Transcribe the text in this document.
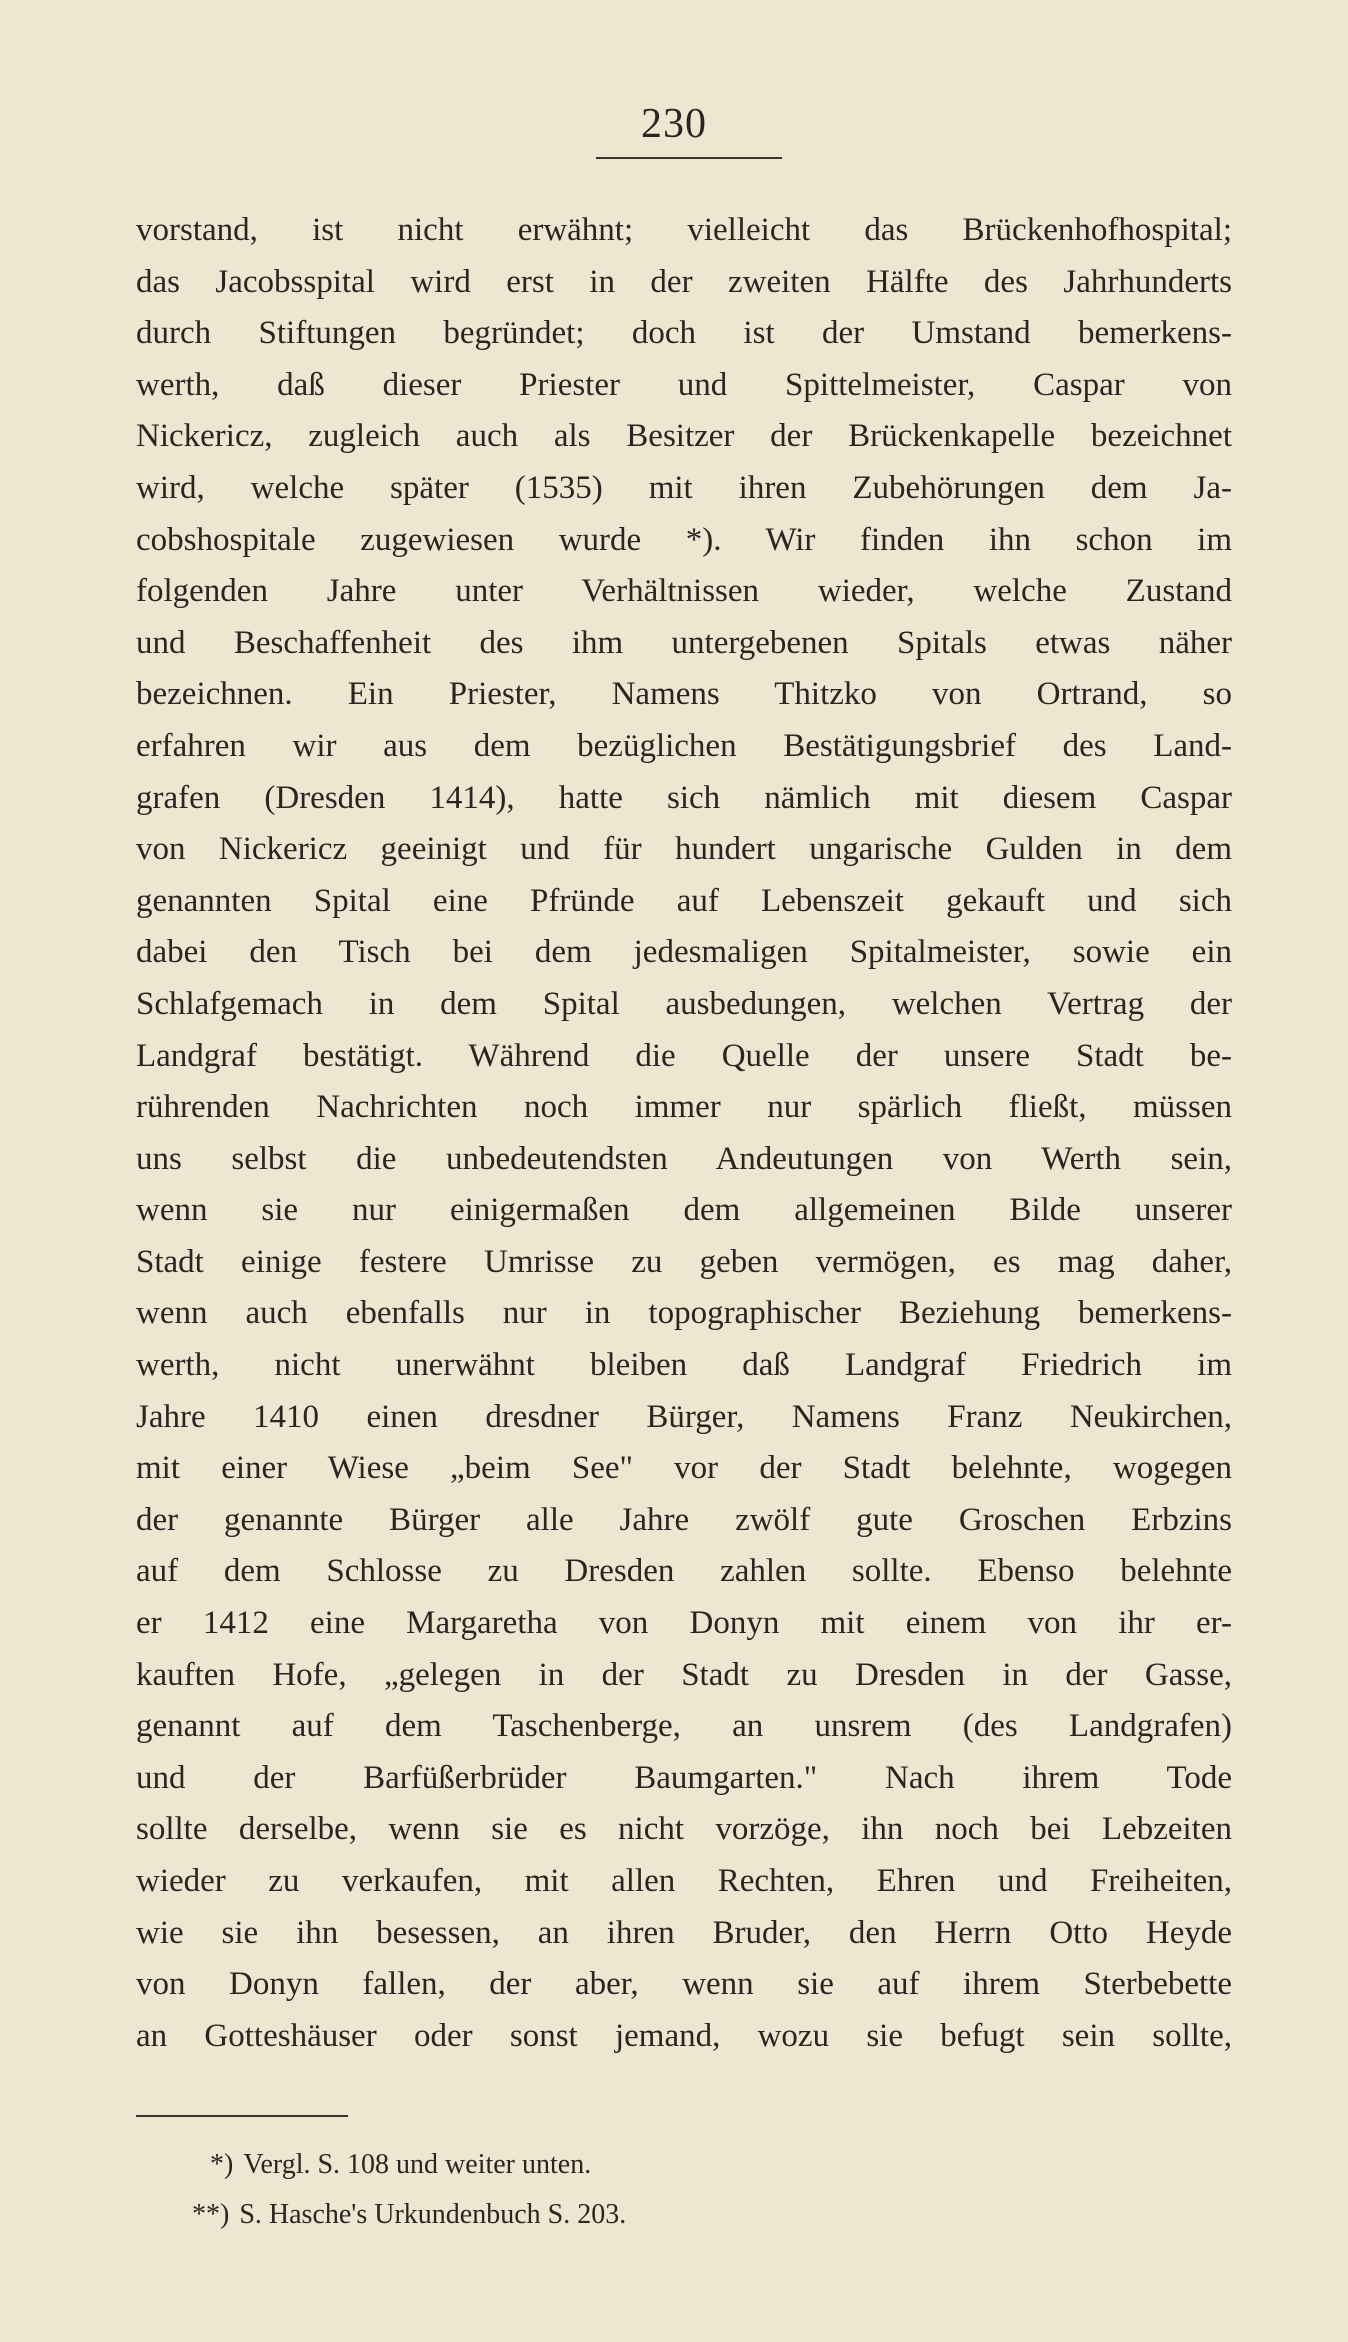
230
vorstand, ist nicht erwähnt; vielleicht das Brückenhofhospital;
das Jacobsspital wird erst in der zweiten Hälfte des Jahrhunderts
durch Stiftungen begründet; doch ist der Umstand bemerkens-
werth, daß dieser Priester und Spittelmeister, Caspar von
Nickericz, zugleich auch als Besitzer der Brückenkapelle bezeichnet
wird, welche später (1535) mit ihren Zubehörungen dem Ja-
cobshospitale zugewiesen wurde *). Wir finden ihn schon im
folgenden Jahre unter Verhältnissen wieder, welche Zustand
und Beschaffenheit des ihm untergebenen Spitals etwas näher
bezeichnen. Ein Priester, Namens Thitzko von Ortrand, so
erfahren wir aus dem bezüglichen Bestätigungsbrief des Land-
grafen (Dresden 1414), hatte sich nämlich mit diesem Caspar
von Nickericz geeinigt und für hundert ungarische Gulden in dem
genannten Spital eine Pfründe auf Lebenszeit gekauft und sich
dabei den Tisch bei dem jedesmaligen Spitalmeister, sowie ein
Schlafgemach in dem Spital ausbedungen, welchen Vertrag der
Landgraf bestätigt. Während die Quelle der unsere Stadt be-
rührenden Nachrichten noch immer nur spärlich fließt, müssen
uns selbst die unbedeutendsten Andeutungen von Werth sein,
wenn sie nur einigermaßen dem allgemeinen Bilde unserer
Stadt einige festere Umrisse zu geben vermögen, es mag daher,
wenn auch ebenfalls nur in topographischer Beziehung bemerkens-
werth, nicht unerwähnt bleiben daß Landgraf Friedrich im
Jahre 1410 einen dresdner Bürger, Namens Franz Neukirchen,
mit einer Wiese „beim See" vor der Stadt belehnte, wogegen
der genannte Bürger alle Jahre zwölf gute Groschen Erbzins
auf dem Schlosse zu Dresden zahlen sollte. Ebenso belehnte
er 1412 eine Margaretha von Donyn mit einem von ihr er-
kauften Hofe, „gelegen in der Stadt zu Dresden in der Gasse,
genannt auf dem Taschenberge, an unsrem (des Landgrafen)
und der Barfüßerbrüder Baumgarten." Nach ihrem Tode
sollte derselbe, wenn sie es nicht vorzöge, ihn noch bei Lebzeiten
wieder zu verkaufen, mit allen Rechten, Ehren und Freiheiten,
wie sie ihn besessen, an ihren Bruder, den Herrn Otto Heyde
von Donyn fallen, der aber, wenn sie auf ihrem Sterbebette
an Gotteshäuser oder sonst jemand, wozu sie befugt sein sollte,
*) Vergl. S. 108 und weiter unten.
**) S. Hasche's Urkundenbuch S. 203.
